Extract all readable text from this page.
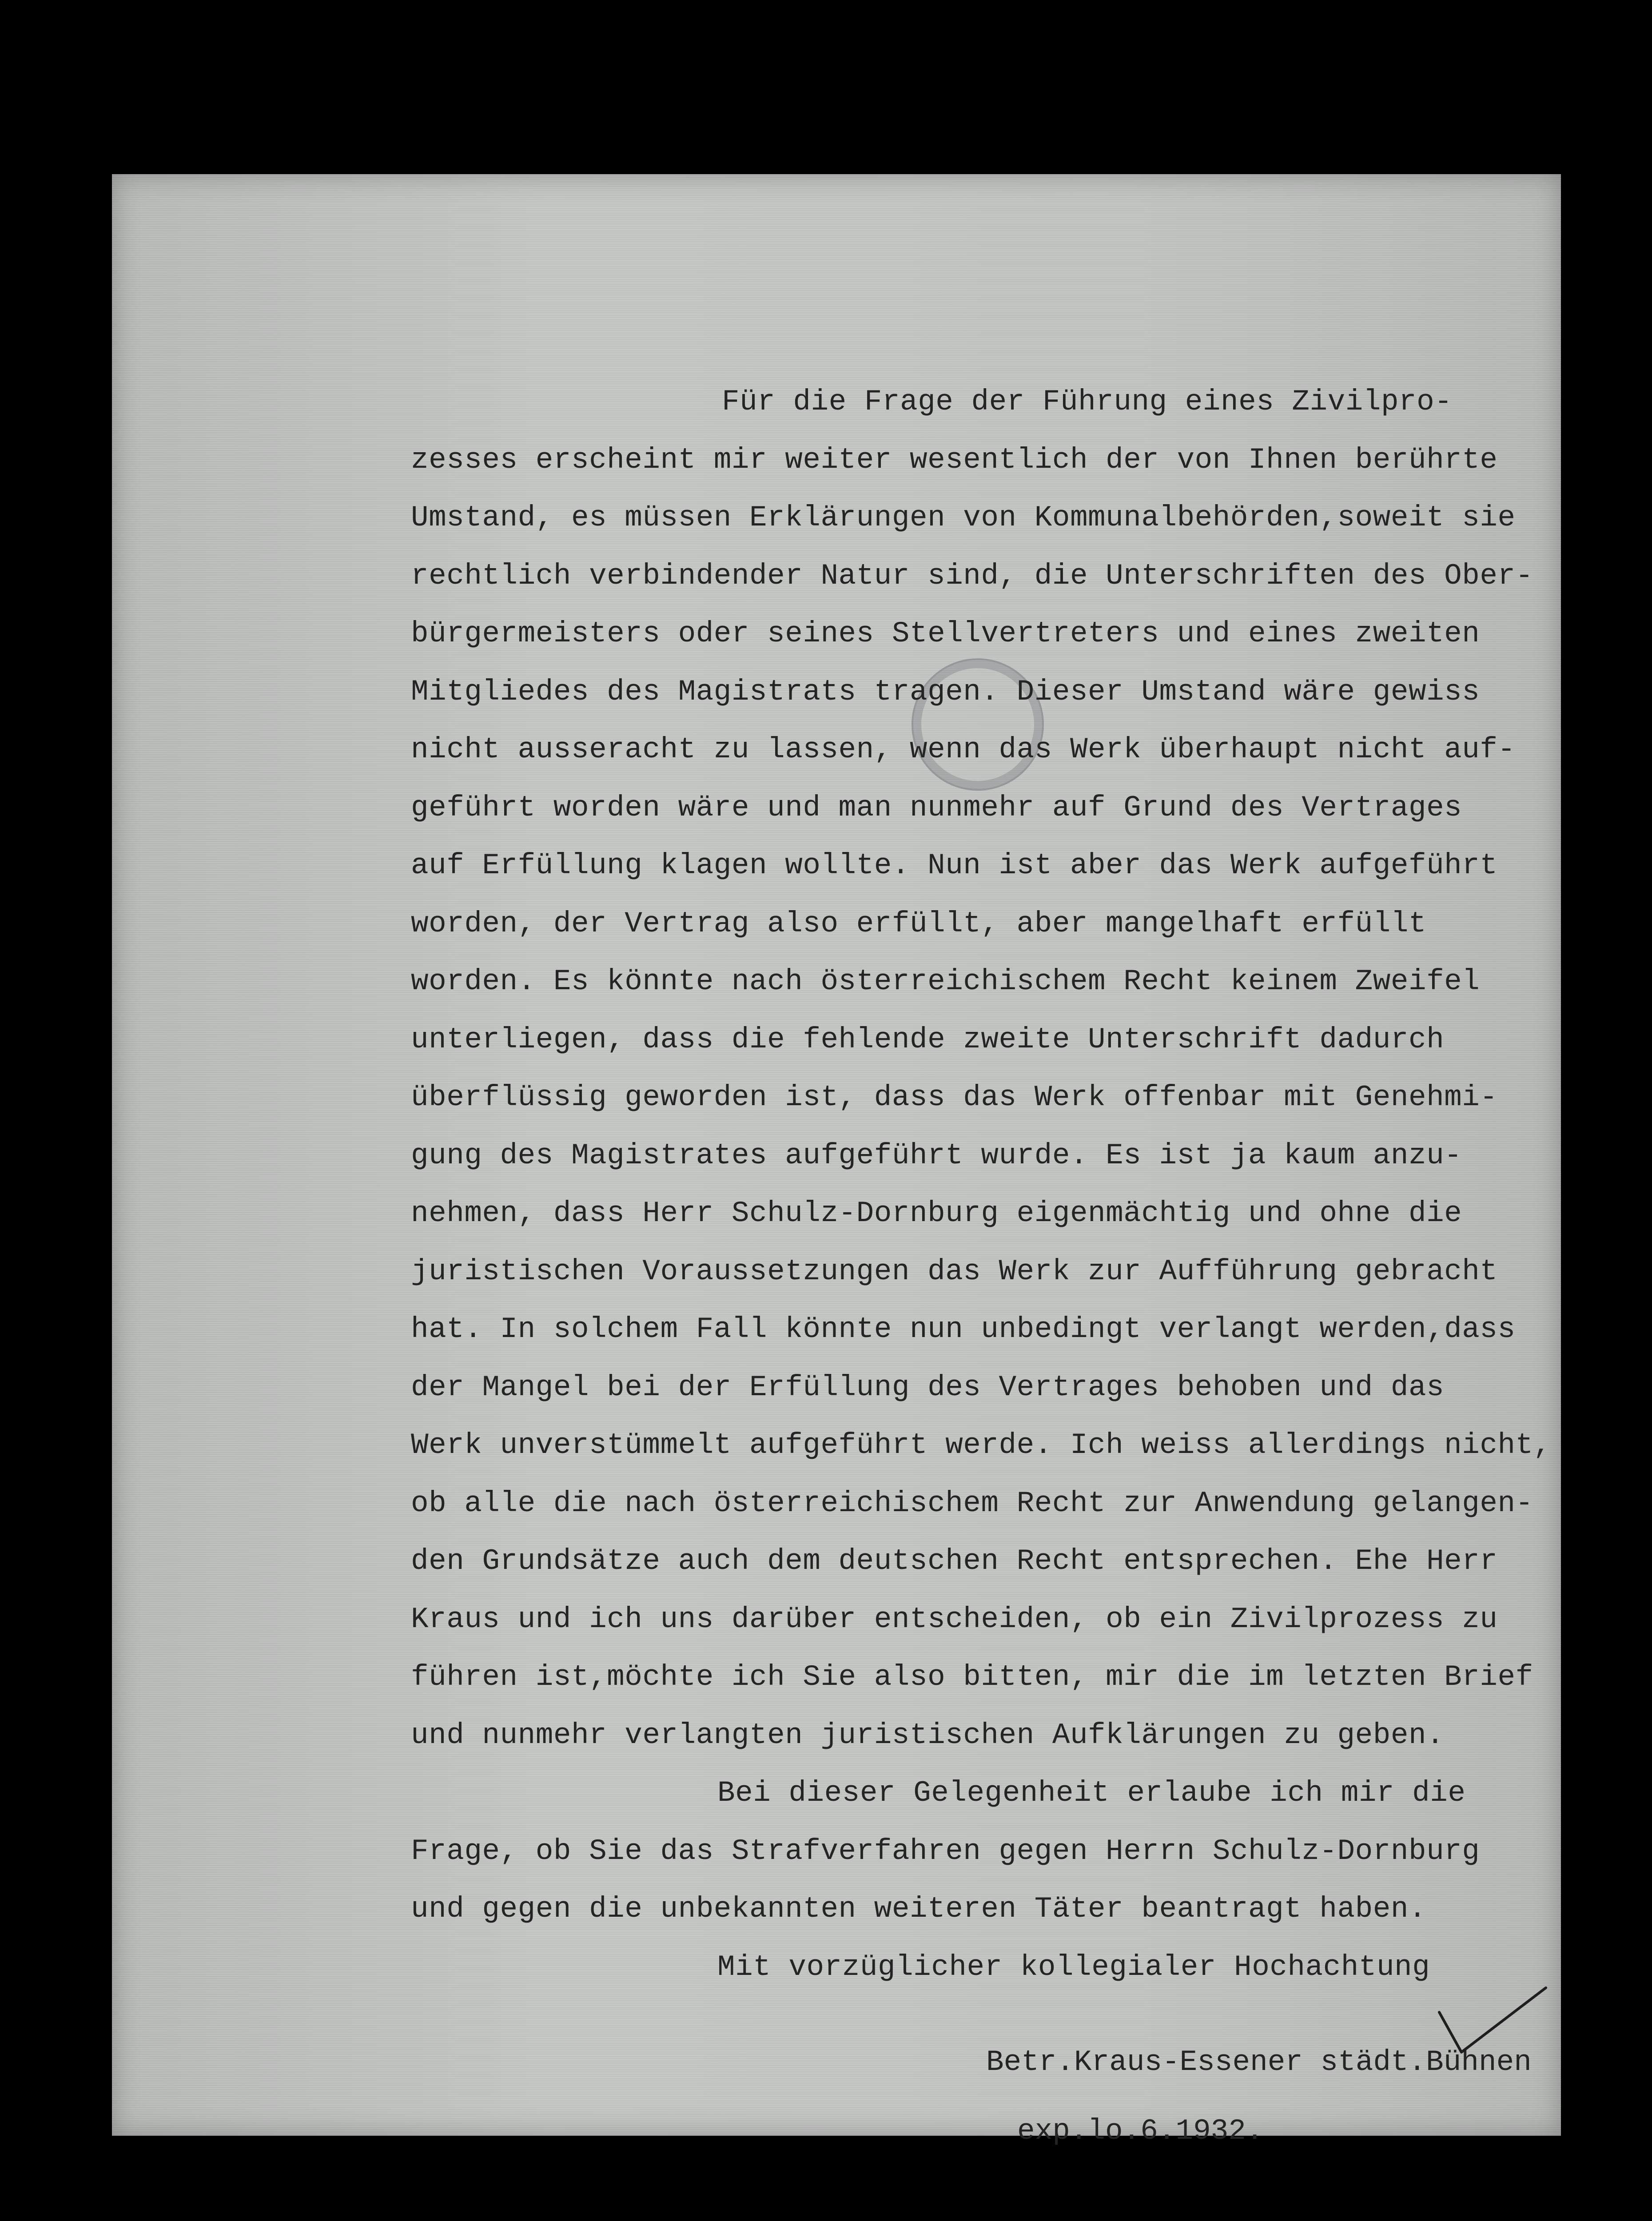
Für die Frage der Führung eines Zivilpro-
zesses erscheint mir weiter wesentlich der von Ihnen berührte
Umstand, es müssen Erklärungen von Kommunalbehörden,soweit sie
rechtlich verbindender Natur sind, die Unterschriften des Ober-
bürgermeisters oder seines Stellvertreters und eines zweiten
Mitgliedes des Magistrats tragen. Dieser Umstand wäre gewiss
nicht ausseracht zu lassen, wenn das Werk überhaupt nicht auf-
geführt worden wäre und man nunmehr auf Grund des Vertrages
auf Erfüllung klagen wollte. Nun ist aber das Werk aufgeführt
worden, der Vertrag also erfüllt, aber mangelhaft erfüllt
worden. Es könnte nach österreichischem Recht keinem Zweifel
unterliegen, dass die fehlende zweite Unterschrift dadurch
überflüssig geworden ist, dass das Werk offenbar mit Genehmi-
gung des Magistrates aufgeführt wurde. Es ist ja kaum anzu-
nehmen, dass Herr Schulz-Dornburg eigenmächtig und ohne die
juristischen Voraussetzungen das Werk zur Aufführung gebracht
hat. In solchem Fall könnte nun unbedingt verlangt werden,dass
der Mangel bei der Erfüllung des Vertrages behoben und das
Werk unverstümmelt aufgeführt werde. Ich weiss allerdings nicht,
ob alle die nach österreichischem Recht zur Anwendung gelangen-
den Grundsätze auch dem deutschen Recht entsprechen. Ehe Herr
Kraus und ich uns darüber entscheiden, ob ein Zivilprozess zu
führen ist,möchte ich Sie also bitten, mir die im letzten Brief
und nunmehr verlangten juristischen Aufklärungen zu geben.
Bei dieser Gelegenheit erlaube ich mir die
Frage, ob Sie das Strafverfahren gegen Herrn Schulz-Dornburg
und gegen die unbekannten weiteren Täter beantragt haben.
Mit vorzüglicher kollegialer Hochachtung
Betr.Kraus-Essener städt.Bühnen
exp.lo.6.1932.
